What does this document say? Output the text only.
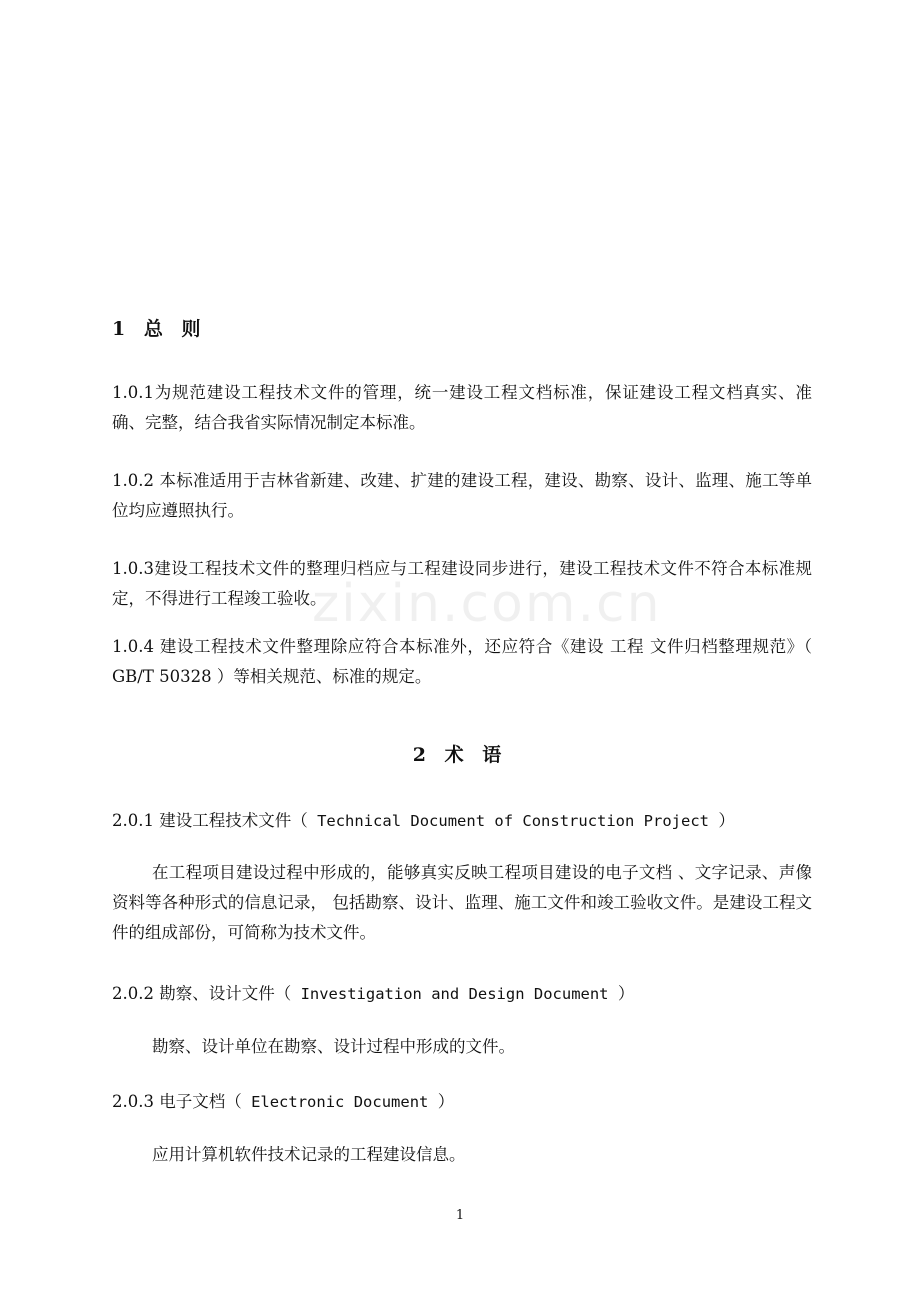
zixin.com.cn
1 总 则

1.0.1为规范建设工程技术文件的管理，统一建设工程文档标准，保证建设工程文档真实、准确、完整，结合我省实际情况制定本标准。

1.0.2 本标准适用于吉林省新建、改建、扩建的建设工程，建设、勘察、设计、监理、施工等单位均应遵照执行。

1.0.3建设工程技术文件的整理归档应与工程建设同步进行，建设工程技术文件不符合本标准规定，不得进行工程竣工验收。

1.0.4 建设工程技术文件整理除应符合本标准外，还应符合《建设 工程 文件归档整理规范》（ GB/T 50328 ）等相关规范、标准的规定。

2 术 语
2.0.1 建设工程技术文件（ Technical Document of Construction Project ）

在工程项目建设过程中形成的，能够真实反映工程项目建设的电子文档 、文字记录、声像资料等各种形式的信息记录， 包括勘察、设计、监理、施工文件和竣工验收文件。是建设工程文件的组成部份，可简称为技术文件。

2.0.2 勘察、设计文件（ Investigation and Design Document ）

勘察、设计单位在勘察、设计过程中形成的文件。

2.0.3 电子文档（ Electronic Document ）

应用计算机软件技术记录的工程建设信息。

1
